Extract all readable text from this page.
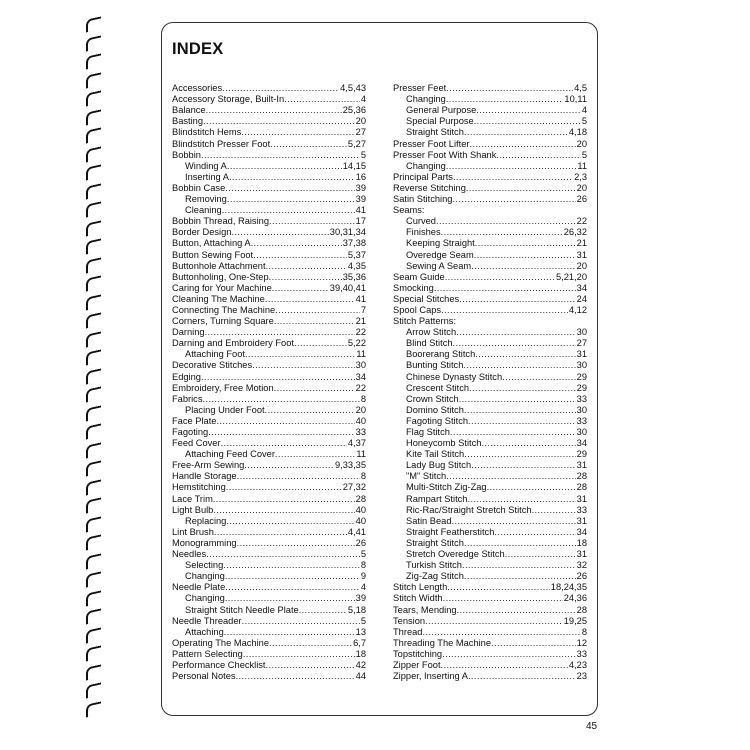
INDEX
Accessories .....	4,5,43
Accessory Storage, Built-In .....	4
Balance .....	25,36
Basting .....	20
Blindstitch Hems .....	27
Blindstitch Presser Foot .....	5,27
Bobbin .....	5
Winding A .....	14,15
Inserting A .....	16
Bobbin Case .....	39
Removing .....	39
Cleaning .....	41
Bobbin Thread, Raising .....	17
Border Design .....	30,31,34
Button, Attaching A .....	37,38
Button Sewing Foot .....	5,37
Buttonhole Attachment .....	4,35
Buttonholing, One-Step .....	35,36
Caring for Your Machine .....	39,40,41
Cleaning The Machine .....	41
Connecting The Machine .....	7
Corners, Turning Square .....	21
Darning .....	22
Darning and Embroidery Foot .....	5,22
Attaching Foot .....	11
Decorative Stitches .....	30
Edging .....	34
Embroidery, Free Motion .....	22
Fabrics .....	8
Placing Under Foot .....	20
Face Plate .....	40
Fagoting .....	33
Feed Cover .....	4,37
Attaching Feed Cover .....	11
Free-Arm Sewing .....	9,33,35
Handle Storage .....	8
Hemstitching .....	27,32
Lace Trim .....	28
Light Bulb .....	40
Replacing .....	40
Lint Brush .....	4,41
Monogramming .....	26
Needles .....	5
Selecting .....	8
Changing .....	9
Needle Plate .....	4
Changing .....	39
Straight Stitch Needle Plate .....	5,18
Needle Threader .....	5
Attaching .....	13
Operating The Machine .....	6,7
Pattern Selecting .....	18
Performance Checklist .....	42
Personal Notes .....	44
Presser Feet .....	4,5
Changing .....	10,11
General Purpose .....	4
Special Purpose .....	5
Straight Stitch .....	4,18
Presser Foot Lifter .....	20
Presser Foot With Shank .....	5
Changing .....	11
Principal Parts .....	2,3
Reverse Stitching .....	20
Satin Stitching .....	26
Seams:
Curved .....	22
Finishes .....	26,32
Keeping Straight .....	21
Overedge Seam .....	31
Sewing A Seam .....	20
Seam Guide .....	5,21,20
Smocking .....	34
Special Stitches .....	24
Spool Caps .....	4,12
Stitch Patterns:
Arrow Stitch .....	30
Blind Stitch .....	27
Boorerang Stitch .....	31
Bunting Stitch .....	30
Chinese Dynasty Stitch .....	29
Crescent Stitch .....	29
Crown Stitch .....	33
Domino Stitch .....	30
Fagoting Stitch .....	33
Flag Stitch .....	30
Honeycomb Stitch .....	34
Kite Tail Stitch .....	29
Lady Bug Stitch .....	31
"M" Stitch .....	28
Multi-Stitch Zig-Zag .....	28
Rampart Stitch .....	31
Ric-Rac/Straight Stretch Stitch .....	33
Satin Bead .....	31
Straight Featherstitch .....	34
Straight Stitch .....	18
Stretch Overedge Stitch .....	31
Turkish Stitch .....	32
Zig-Zag Stitch .....	26
Stitch Length .....	18,24,35
Stitch Width .....	24,36
Tears, Mending .....	28
Tension .....	19,25
Thread .....	8
Threading The Machine .....	12
Topstitching .....	33
Zipper Foot .....	4,23
Zipper, Inserting A .....	23
45
